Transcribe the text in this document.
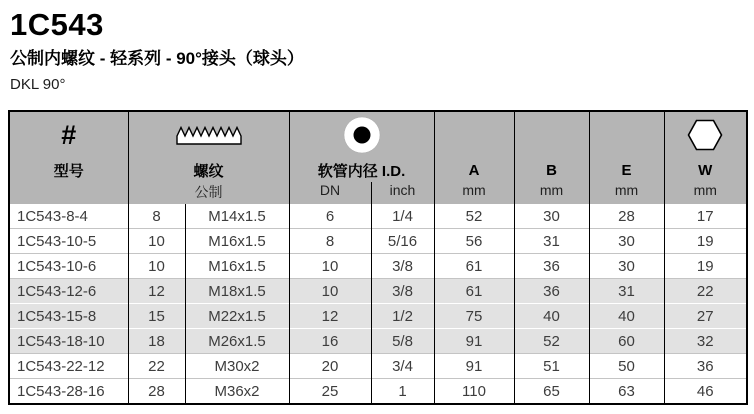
1C543
公制内螺纹 - 轻系列 - 90°接头（球头）
DKL 90°
#						
型号	螺纹		软管内径 I.D.		A	B	E	W
	公制		DN	inch	mm	mm	mm	mm
1C543-8-4	8	M14x1.5	6	1/4	52	30	28	17
1C543-10-5	10	M16x1.5	8	5/16	56	31	30	19
1C543-10-6	10	M16x1.5	10	3/8	61	36	30	19
1C543-12-6	12	M18x1.5	10	3/8	61	36	31	22
1C543-15-8	15	M22x1.5	12	1/2	75	40	40	27
1C543-18-10	18	M26x1.5	16	5/8	91	52	60	32
1C543-22-12	22	M30x2	20	3/4	91	51	50	36
1C543-28-16	28	M36x2	25	1	110	65	63	46
